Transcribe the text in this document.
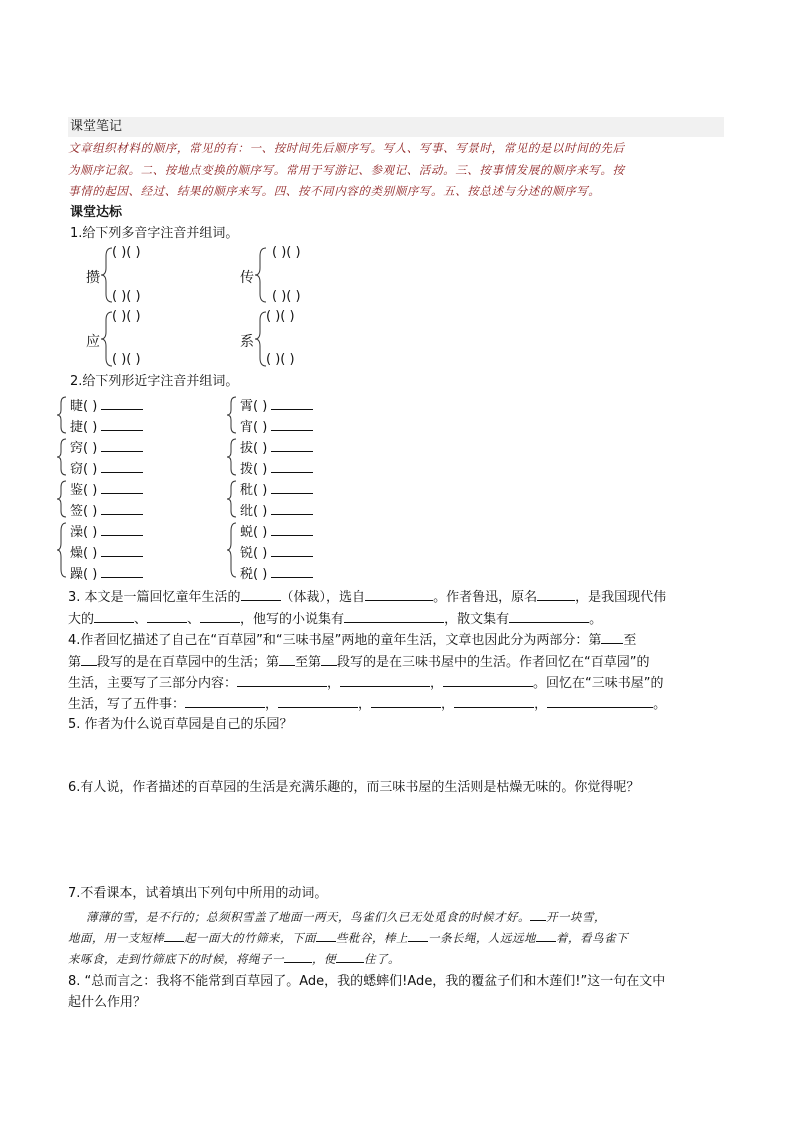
课堂笔记
文章组织材料的顺序，常见的有：一、按时间先后顺序写。写人、写事、写景时，常见的是以时间的先后
为顺序记叙。二、按地点变换的顺序写。常用于写游记、参观记、活动。三、按事情发展的顺序来写。按
事情的起因、经过、结果的顺序来写。四、按不同内容的类别顺序写。五、按总述与分述的顺序写。
课堂达标
1.给下列多音字注音并组词。
攒
( )( )
( )( )
传
( )( )
( )( )
应
( )( )
( )( )
系
( )( )
( )( )
2.给下列形近字注音并组词。
睫( )
捷( )
窍( )
窃( )
鉴( )
签( )
澡( )
燥( )
躁( )
霄( )
宵( )
拔( )
拨( )
秕( )
纰( )
蜕( )
锐( )
税( )
3. 本文是一篇回忆童年生活的	（体裁），选自	。作者鲁迅，原名	，是我国现代伟
大的	、	、	，他写的小说集有	，散文集有	。
4.作者回忆描述了自己在“百草园”和“三味书屋”两地的童年生活，文章也因此分为两部分：第 至
第 段写的是在百草园中的生活；第 至第 段写的是在三味书屋中的生活。作者回忆在“百草园”的
生活，主要写了三部分内容：	，	，	。回忆在“三味书屋”的
生活，写了五件事：	，	，	，	，	。
5. 作者为什么说百草园是自己的乐园？
6.有人说，作者描述的百草园的生活是充满乐趣的，而三味书屋的生活则是枯燥无味的。你觉得呢？
7.不看课本，试着填出下列句中所用的动词。
薄薄的雪，是不行的；总须积雪盖了地面一两天，鸟雀们久已无处觅食的时候才好。 开一块雪，
地面，用一支短棒 起一面大的竹筛来，下面 些秕谷，棒上 一条长绳，人远远地 着，看鸟雀下
来啄食，走到竹筛底下的时候，将绳子一 ，便 住了。
8. “总而言之：我将不能常到百草园了。Ade，我的蟋蟀们!Ade，我的覆盆子们和木莲们!”这一句在文中
起什么作用？
